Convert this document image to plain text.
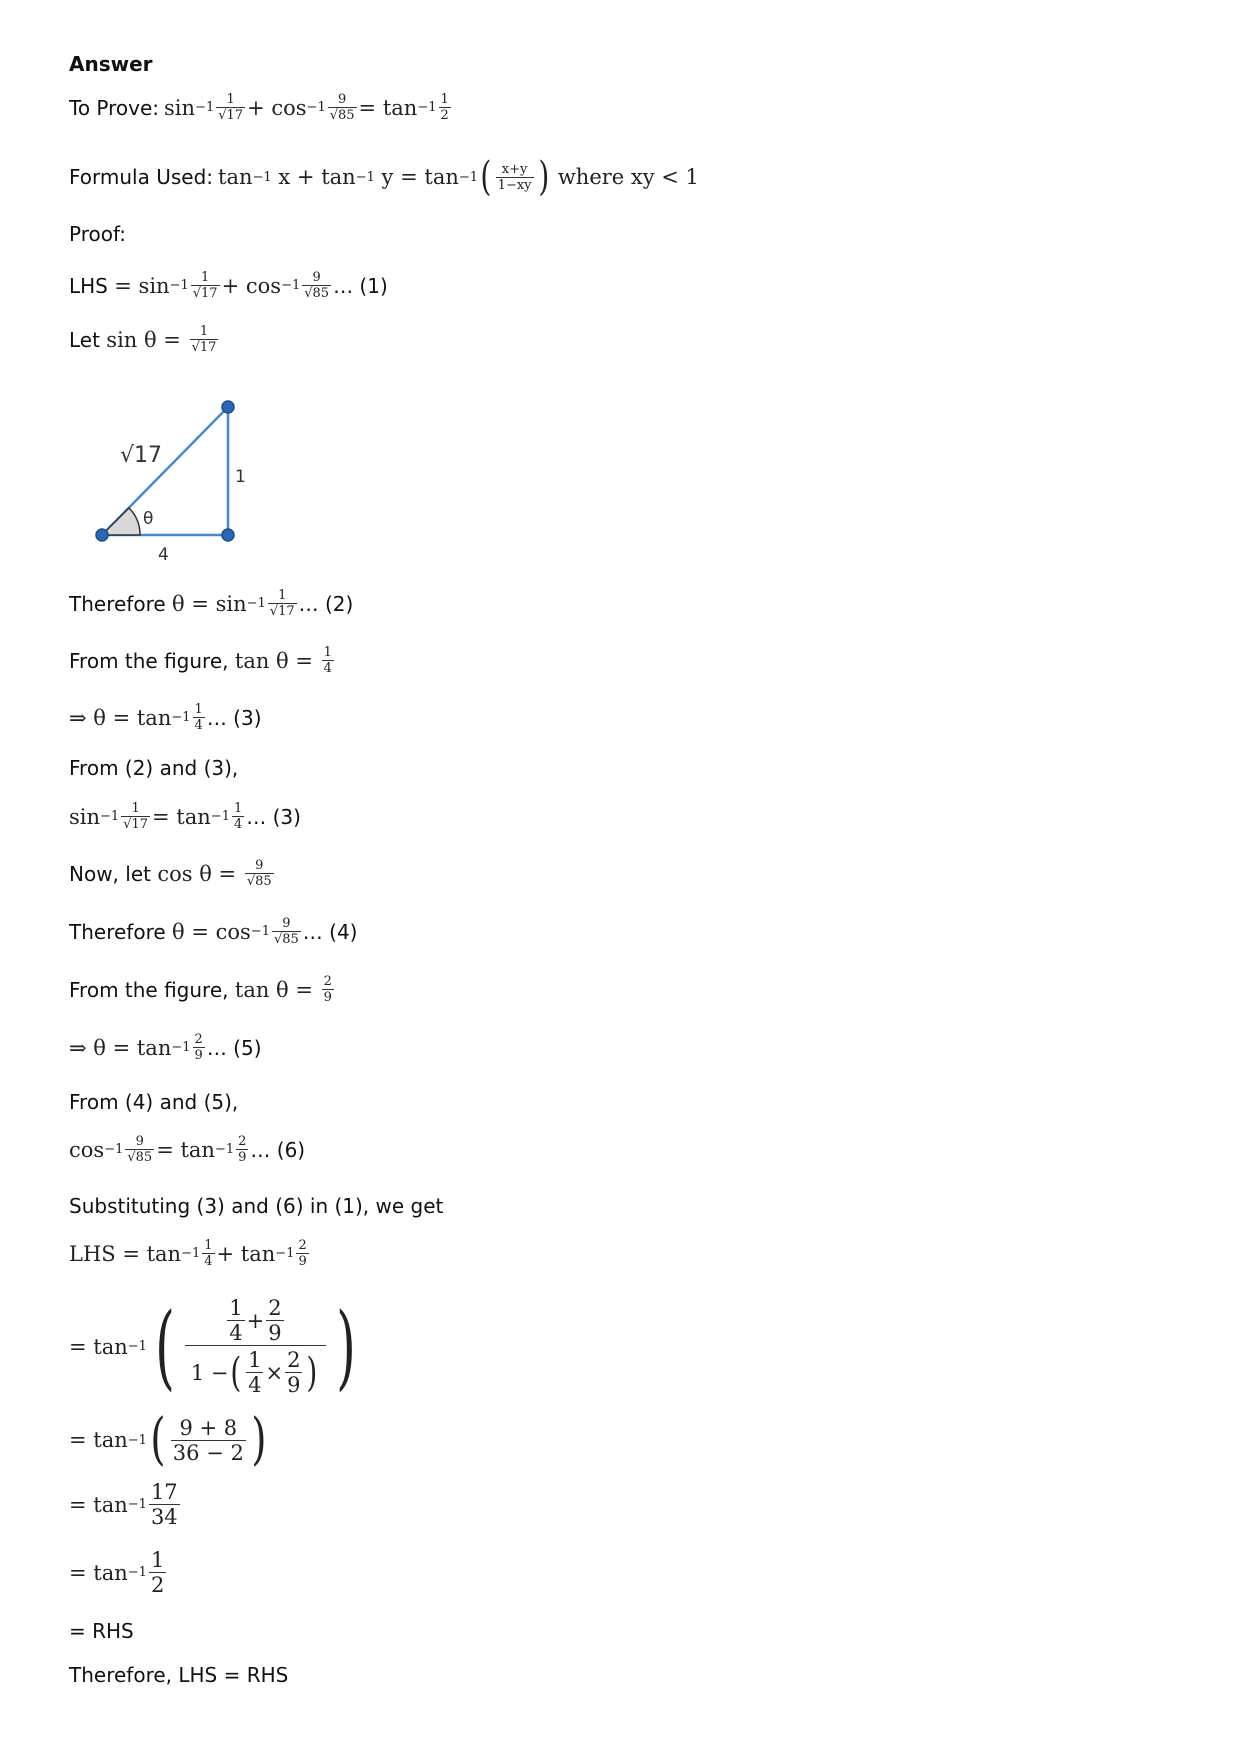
Answer
To Prove: sin −1
1
√17 +
$\cos -1 \frac{9}{√85}$ =
tan −1
1
2
Formula Used: tan −1
x
+
tan −1
y
=
tan −1 ( x+y
1−xy )
where xy < 1
Proof:
LHS
=
sin −1
1
√17 +
cos −1
9
√85 … (1)
Let
sin θ =
$\frac{1}{√17}$
√17
1
4
θ
Therefore
θ = sin −1
1
√17 … (2)
From the figure,
tan θ =
$\frac{1}{4}$
⇒ θ = tan −1
1
4 … (3)
From (2) and (3),
$\sin -1 \frac{1}{√17} = \tan -1$
1
4 … (3)
Now, let
cos θ =
$\frac{9}{√85}$
Therefore
θ = cos −1
9
√85 … (4)
From the figure,
tan θ =
$\frac{2}{9}$
⇒ θ = tan −1
2
9 … (5)
From (4) and (5),
$\cos -1 \frac{9}{√85} = \tan -1$
2
9 … (6)
Substituting (3) and (6) in (1), we get
LHS = tan −1
1
4 + tan −1
2
9
= tan −1 (	1
4
+ $\frac{2}{9}$
1 − ( $\frac{1}{4} \times \frac{2}{9}$ ) )
= tan −1 ( 9 + 8
36 − 2 )
= tan −1
17
34
= tan −1
1
2
= RHS
Therefore, LHS = RHS
